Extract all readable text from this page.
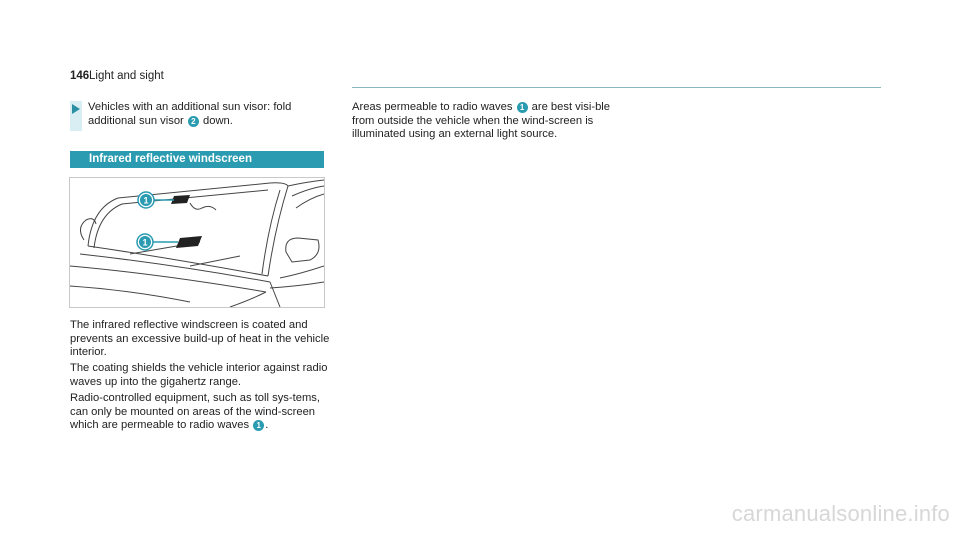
146 Light and sight
Vehicles with an additional sun visor: fold additional sun visor 2 down.
Infrared reflective windscreen
1
1
The infrared reflective windscreen is coated and prevents an excessive build-up of heat in the vehicle interior.
The coating shields the vehicle interior against radio waves up into the gigahertz range.
Radio-controlled equipment, such as toll sys-tems, can only be mounted on areas of the wind-screen which are permeable to radio waves 1 .
Areas permeable to radio waves 1 are best visi-ble from outside the vehicle when the wind-screen is illuminated using an external light source.
carmanualsonline.info
